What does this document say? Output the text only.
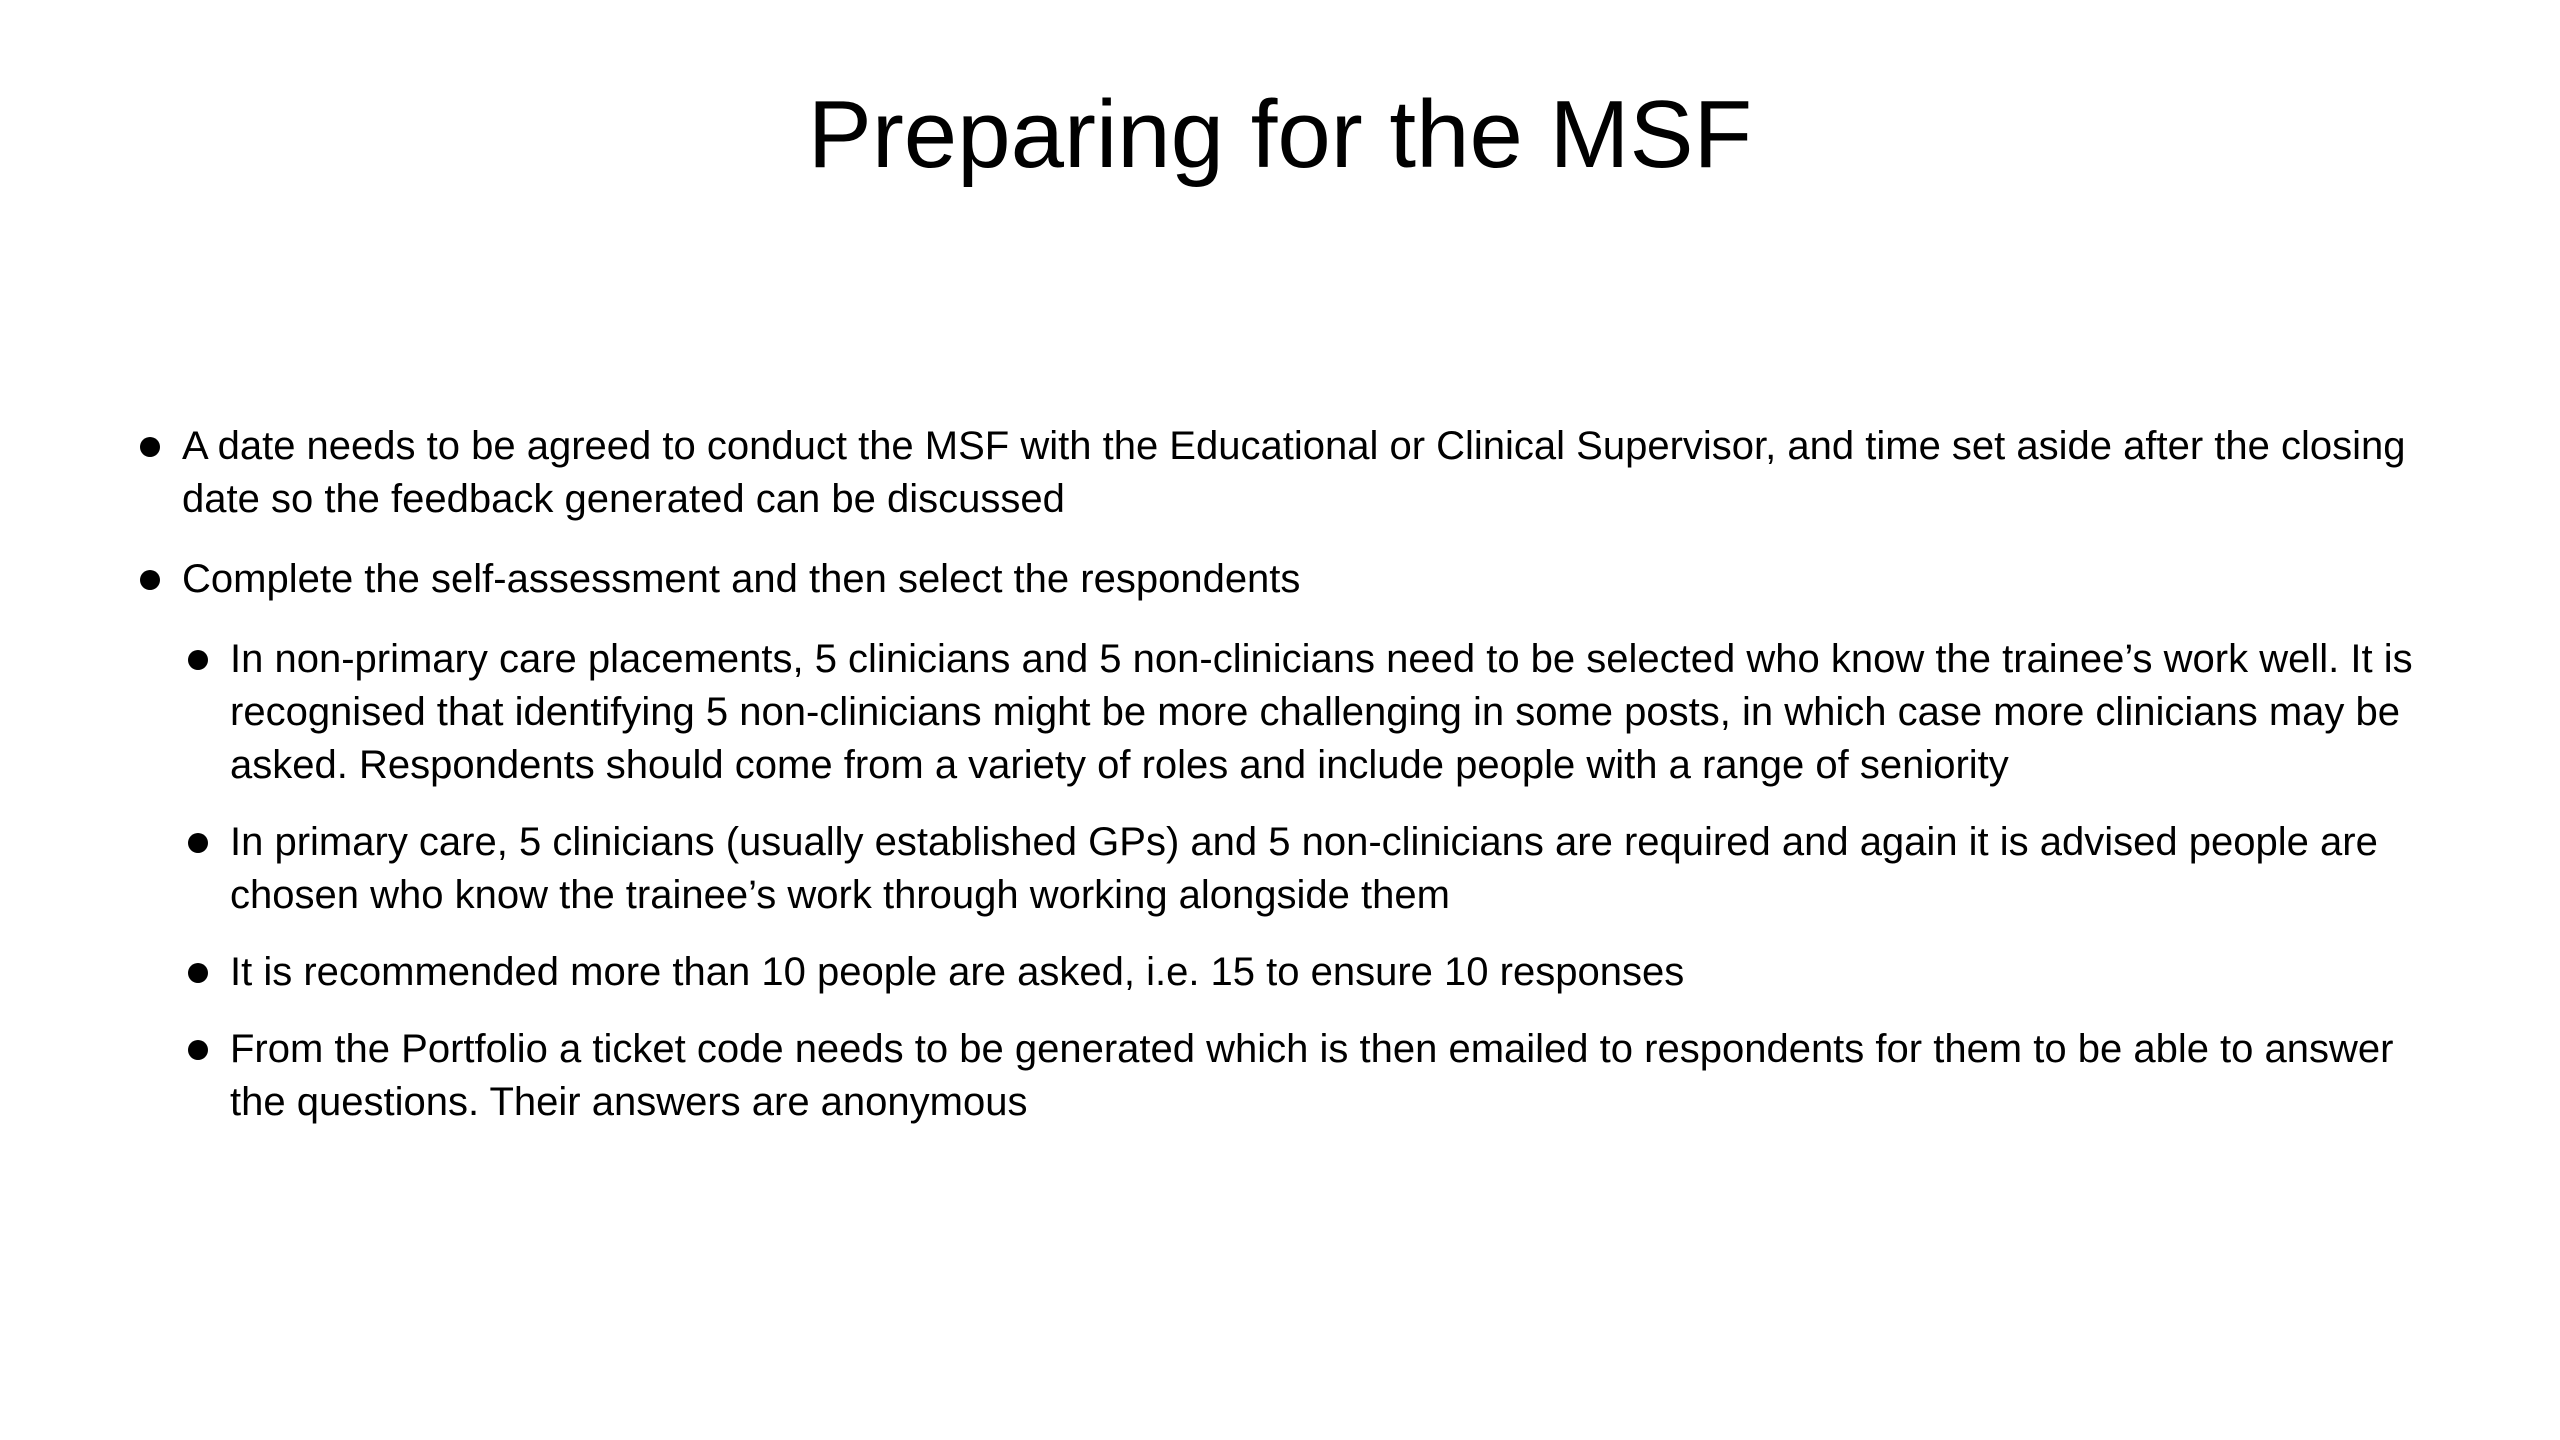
Preparing for the MSF
A date needs to be agreed to conduct the MSF with the Educational or Clinical Supervisor, and time set aside after the closing date so the feedback generated can be discussed
Complete the self-assessment and then select the respondents
In non-primary care placements, 5 clinicians and 5 non-clinicians need to be selected who know the trainee’s work well. It is recognised that identifying 5 non-clinicians might be more challenging in some posts, in which case more clinicians may be asked. Respondents should come from a variety of roles and include people with a range of seniority
In primary care, 5 clinicians (usually established GPs) and 5 non-clinicians are required and again it is advised people are chosen who know the trainee’s work through working alongside them
It is recommended more than 10 people are asked, i.e. 15 to ensure 10 responses
From the Portfolio a ticket code needs to be generated which is then emailed to respondents for them to be able to answer the questions. Their answers are anonymous
